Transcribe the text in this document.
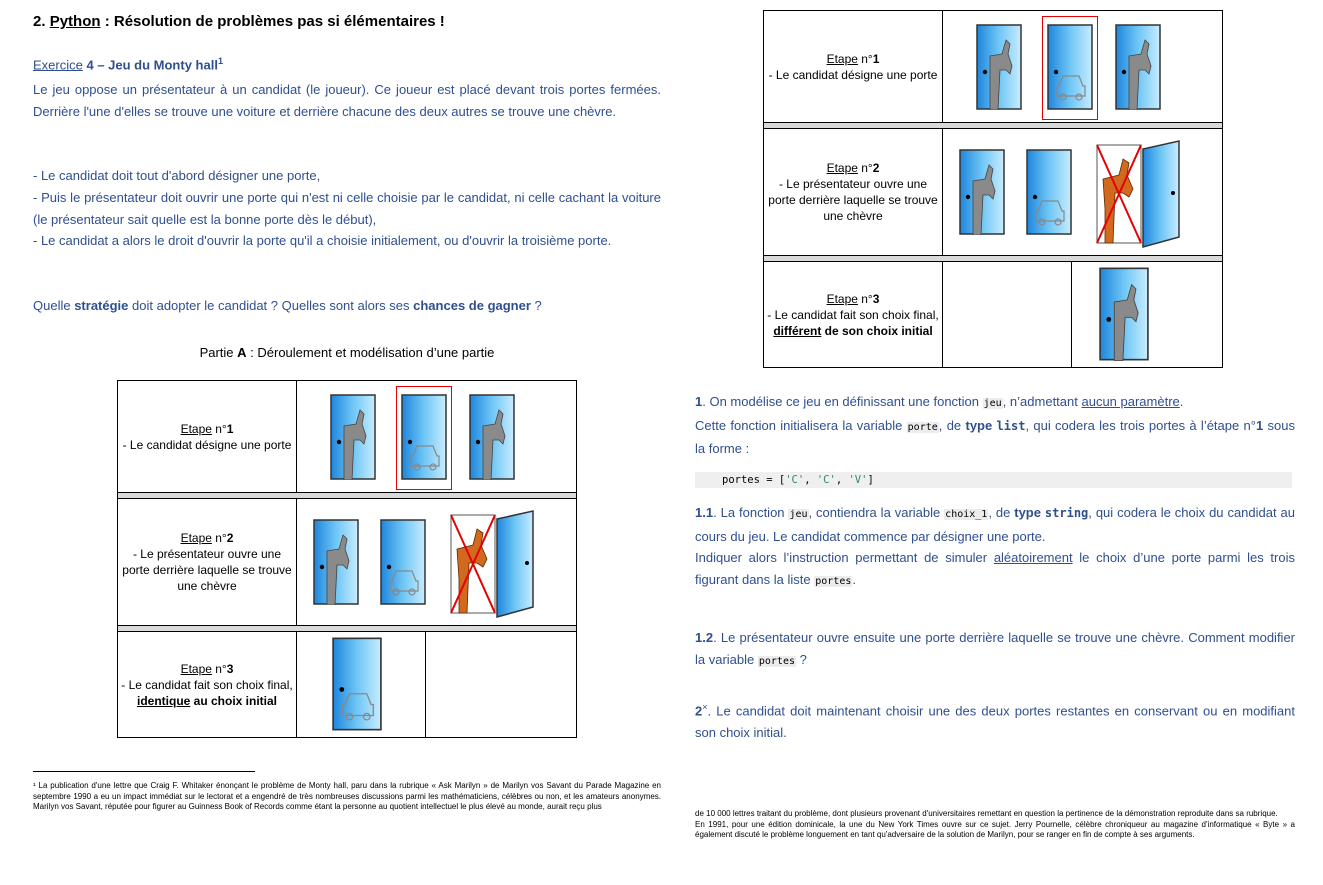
2. Python : Résolution de problèmes pas si élémentaires !
Exercice 4 – Jeu du Monty hall$^1$

Le jeu oppose un présentateur à un candidat (le joueur). Ce joueur est placé devant trois portes fermées. Derrière l'une d'elles se trouve une voiture et derrière chacune des deux autres se trouve une chèvre.

- Le candidat doit tout d'abord désigner une porte,

- Puis le présentateur doit ouvrir une porte qui n'est ni celle choisie par le candidat, ni celle cachant la voiture (le présentateur sait quelle est la bonne porte dès le début),

- Le candidat a alors le droit d'ouvrir la porte qu'il a choisie initialement, ou d'ouvrir la troisième porte.

Quelle stratégie doit adopter le candidat ? Quelles sont alors ses chances de gagner ?

Partie A : Déroulement et modélisation d’une partie
Etape n°1
- Le candidat désigne une porte	

Etape n°2
- Le présentateur ouvre une porte derrière laquelle se trouve une chèvre	

Etape n°3
- Le candidat fait son choix final, identique au choix initial	
¹ La publication d'une lettre que Craig F. Whitaker énonçant le problème de Monty hall, paru dans la rubrique « Ask Marilyn » de Marilyn vos Savant du Parade Magazine en septembre 1990 a eu un impact immédiat sur le lectorat et a engendré de très nombreuses discussions parmi les mathématiciens, célèbres ou non, et les amateurs anonymes. Marilyn vos Savant, réputée pour figurer au Guinness Book of Records comme étant la personne au quotient intellectuel le plus élevé au monde, aurait reçu plus
Etape n°1
- Le candidat désigne une porte	

Etape n°2
- Le présentateur ouvre une porte derrière laquelle se trouve une chèvre	

Etape n°3
- Le candidat fait son choix final, différent de son choix initial	

1. On modélise ce jeu en définissant une fonction jeu, n’admettant aucun paramètre.
Cette fonction initialisera la variable porte, de type list, qui codera les trois portes à l’étape n°1 sous la forme :

portes = ['C', 'C', 'V']

1.1. La fonction jeu, contiendra la variable choix_1, de type string, qui codera le choix du candidat au cours du jeu. Le candidat commence par désigner une porte.
Indiquer alors l’instruction permettant de simuler aléatoirement le choix d’une porte parmi les trois figurant dans la liste portes.

1.2. Le présentateur ouvre ensuite une porte derrière laquelle se trouve une chèvre. Comment modifier la variable portes ?

2×. Le candidat doit maintenant choisir une des deux portes restantes en conservant ou en modifiant son choix initial.

de 10 000 lettres traitant du problème, dont plusieurs provenant d'universitaires remettant en question la pertinence de la démonstration reproduite dans sa rubrique.
En 1991, pour une édition dominicale, la une du New York Times ouvre sur ce sujet. Jerry Pournelle, célèbre chroniqueur au magazine d'informatique « Byte » a également discuté le problème longuement en tant qu'adversaire de la solution de Marilyn, pour se ranger en fin de compte à ses arguments.
